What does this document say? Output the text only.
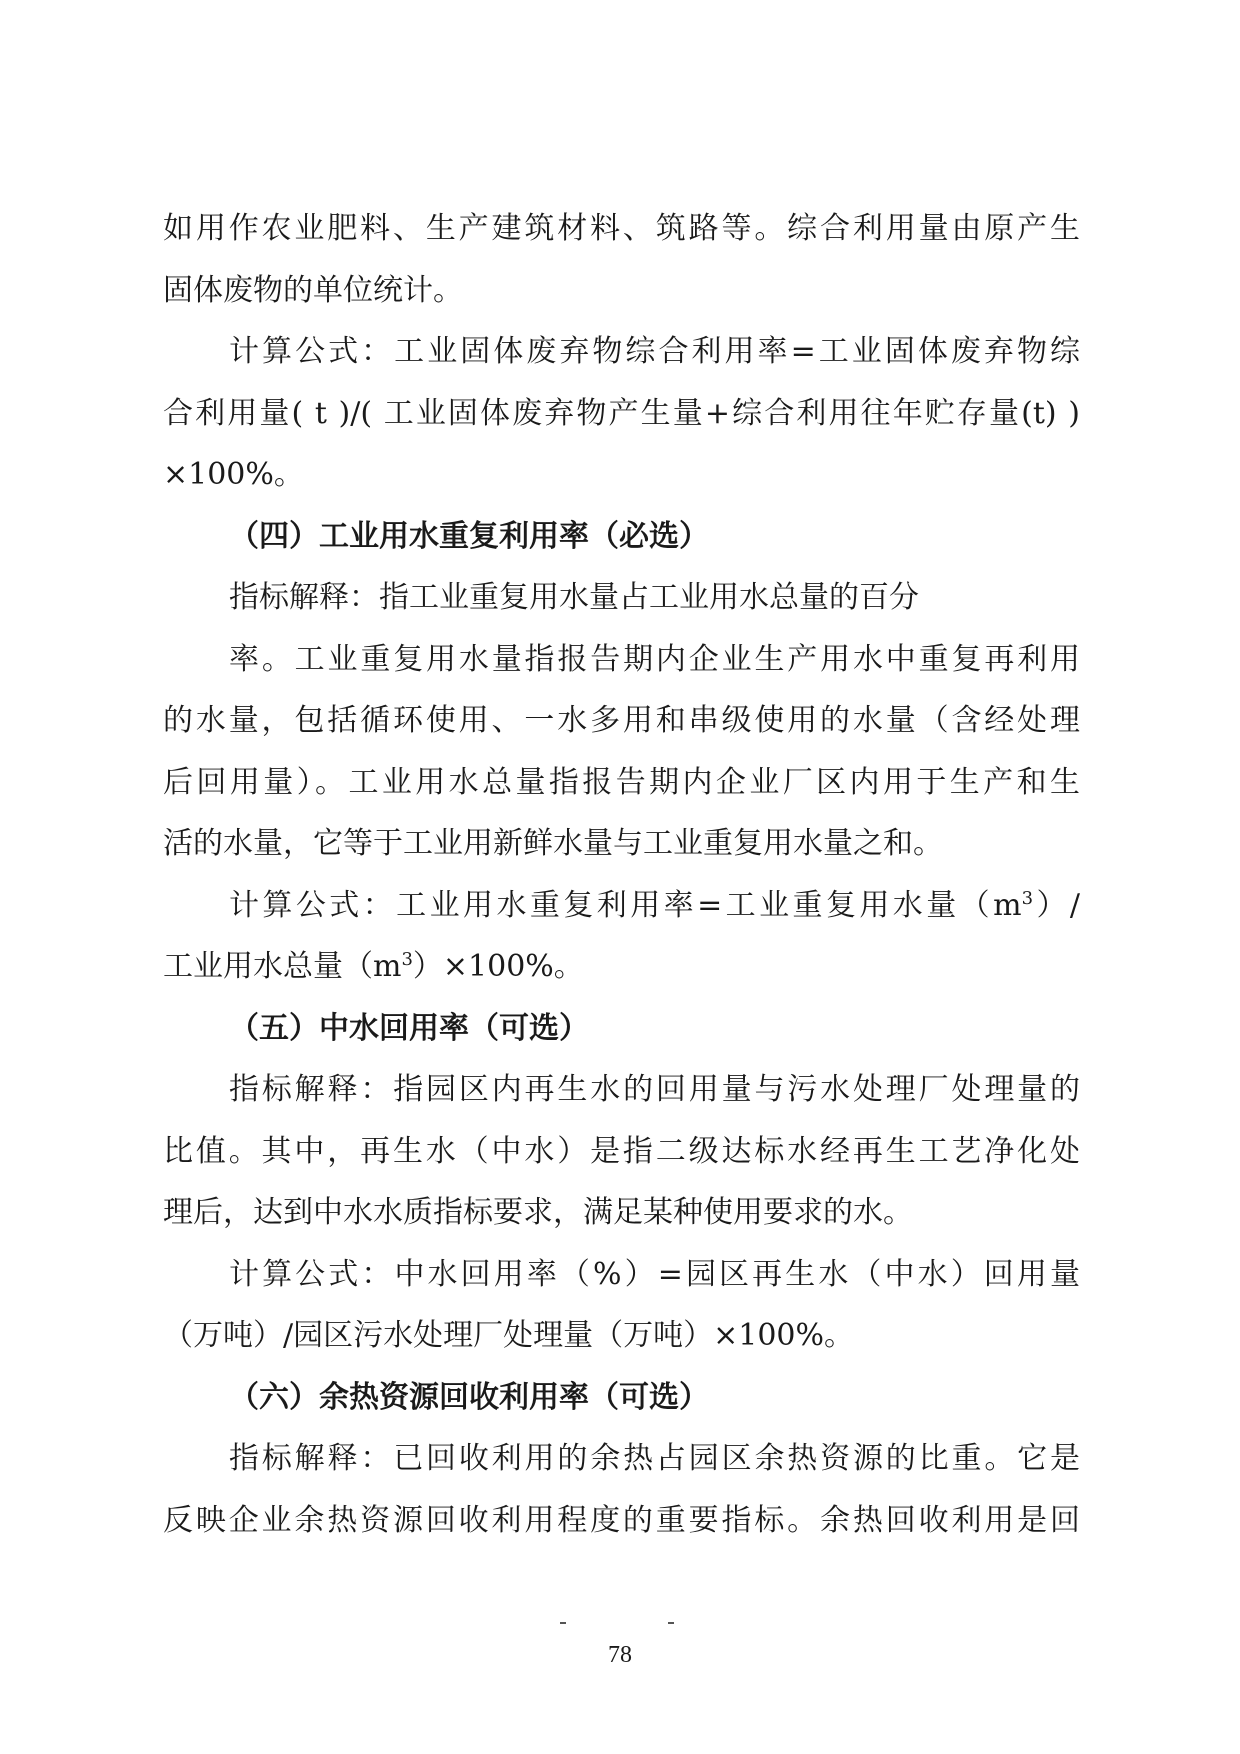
如用作农业肥料、生产建筑材料、筑路等。综合利用量由原产生
固体废物的单位统计。
计算公式：工业固体废弃物综合利用率=工业固体废弃物综
合利用量( t )/( 工业固体废弃物产生量+综合利用往年贮存量(t) )
×100%。
（四）工业用水重复利用率（必选）
指标解释：指工业重复用水量占工业用水总量的百分
率。工业重复用水量指报告期内企业生产用水中重复再利用
的水量，包括循环使用、一水多用和串级使用的水量（含经处理
后回用量）。工业用水总量指报告期内企业厂区内用于生产和生
活的水量，它等于工业用新鲜水量与工业重复用水量之和。
计算公式：工业用水重复利用率=工业重复用水量$(m^3)/$
工业用水总量$(m^3)\times 100\%$。
（五）中水回用率（可选）
指标解释：指园区内再生水的回用量与污水处理厂处理量的
比值。其中，再生水（中水）是指二级达标水经再生工艺净化处
理后，达到中水水质指标要求，满足某种使用要求的水。
计算公式：中水回用率（%）=园区再生水（中水）回用量
（万吨）/园区污水处理厂处理量（万吨）×100%。
（六）余热资源回收利用率（可选）
指标解释：已回收利用的余热占园区余热资源的比重。它是
反映企业余热资源回收利用程度的重要指标。余热回收利用是回
78
